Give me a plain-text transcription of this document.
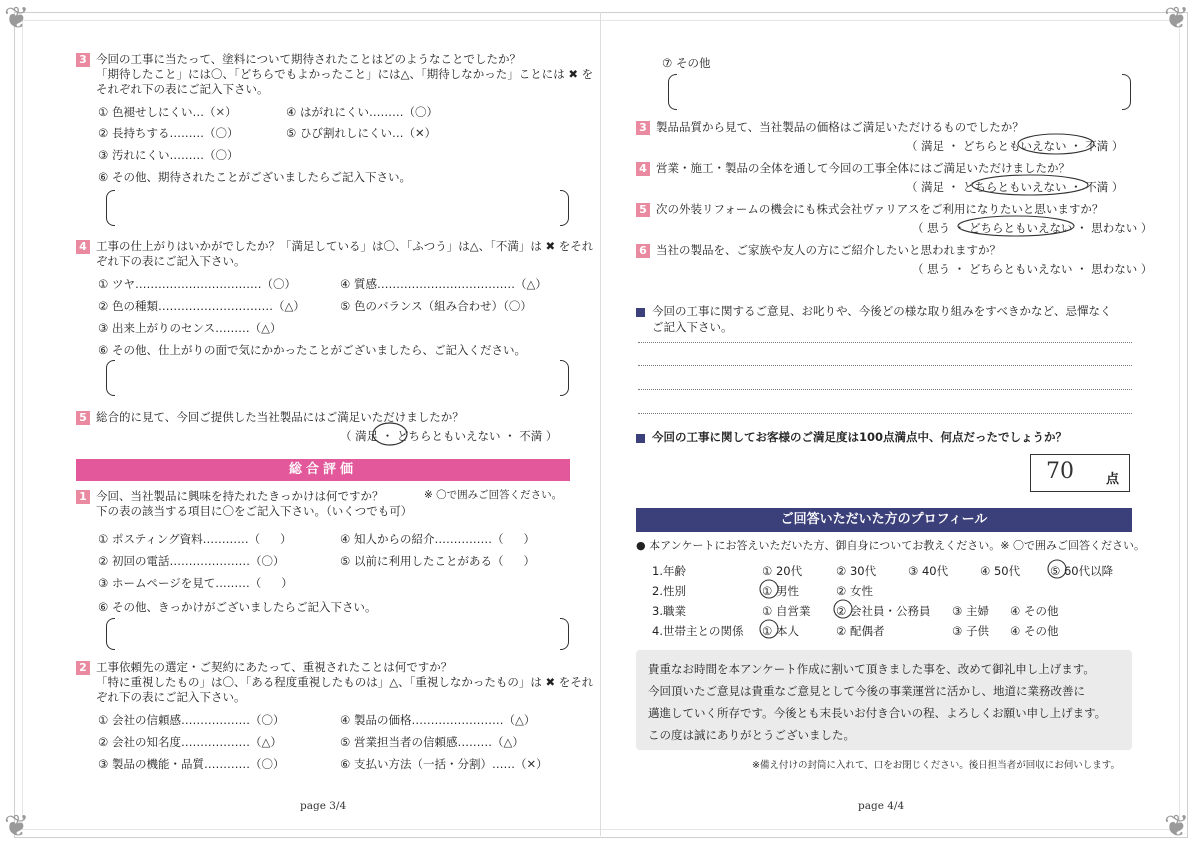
❦	❦
❦	❦
3 今回の工事に当たって、塗料について期待されたことはどのようなことでしたか？
「期待したこと」には〇、「どちらでもよかったこと」には△、「期待しなかった」ことには ✖ を
それぞれ下の表にご記入下さい。
① 色褪せしにくい…（✕）	④ はがれにくい………（〇）
② 長持ちする………（〇）	⑤ ひび割れしにくい…（✕）
③ 汚れにくい………（〇）
⑥ その他、期待されたことがございましたらご記入下さい。
4 工事の仕上がりはいかがでしたか？「満足している」は〇、「ふつう」は△、「不満」は ✖ をそれ
ぞれ下の表にご記入下さい。
① ツヤ……………………………（〇）	④ 質感………………………………（△）
② 色の種類…………………………（△）	⑤ 色のバランス（組み合わせ）（〇）
③ 出来上がりのセンス………（△）
⑥ その他、仕上がりの面で気にかかったことがございましたら、ご記入ください。
5 総合的に見て、今回ご提供した当社製品にはご満足いただけましたか？
（ 満足 ・ どちらともいえない ・ 不満 ）
総合評価
1 今回、当社製品に興味を持たれたきっかけは何ですか？	※ 〇で囲みご回答ください。
下の表の該当する項目に〇をご記入下さい。（いくつでも可）
① ポスティング資料…………（ ）	④ 知人からの紹介……………（ ）
② 初回の電話…………………（〇）	⑤ 以前に利用したことがある（ ）
③ ホームページを見て………（ ）
⑥ その他、きっかけがございましたらご記入下さい。
2 工事依頼先の選定・ご契約にあたって、重視されたことは何ですか？
「特に重視したもの」は〇、「ある程度重視したものは」△、「重視しなかったもの」は ✖ をそれ
ぞれ下の表にご記入下さい。
① 会社の信頼感………………（〇）	④ 製品の価格……………………（△）
② 会社の知名度………………（△）	⑤ 営業担当者の信頼感………（△）
③ 製品の機能・品質…………（〇）	⑥ 支払い方法（一括・分割）……（✕）
page 3/4
⑦ その他
3 製品品質から見て、当社製品の価格はご満足いただけるものでしたか？
（ 満足 ・ どちらともいえない ・ 不満 ）
4 営業・施工・製品の全体を通して今回の工事全体にはご満足いただけましたか？
（ 満足 ・ どちらともいえない ・ 不満 ）
5 次の外装リフォームの機会にも株式会社ヴァリアスをご利用になりたいと思いますか？
（ 思う ・ どちらともいえない ・ 思わない ）
6 当社の製品を、ご家族や友人の方にご紹介したいと思われますか？
（ 思う ・ どちらともいえない ・ 思わない ）
今回の工事に関するご意見、お叱りや、今後どの様な取り組みをすべきかなど、忌憚なく
ご記入下さい。
今回の工事に関してお客様のご満足度は100点満点中、何点だったでしょうか？
70 点
ご回答いただいた方のプロフィール
● 本アンケートにお答えいただいた方、御自身についてお教えください。※ 〇で囲みご回答ください。
1.年齢	① 20代	② 30代	③ 40代	④ 50代	⑤ 60代以降
2.性別	① 男性	② 女性
3.職業	① 自営業 ② 会社員・公務員 ③ 主婦 ④ その他
4.世帯主との関係 ① 本人	② 配偶者	③ 子供 ④ その他
貴重なお時間を本アンケート作成に割いて頂きました事を、改めて御礼申し上げます。
今回頂いたご意見は貴重なご意見として今後の事業運営に活かし、地道に業務改善に
邁進していく所存です。今後とも末長いお付き合いの程、よろしくお願い申し上げます。
この度は誠にありがとうございました。
※備え付けの封筒に入れて、口をお閉じください。後日担当者が回収にお伺いします。
page 4/4
